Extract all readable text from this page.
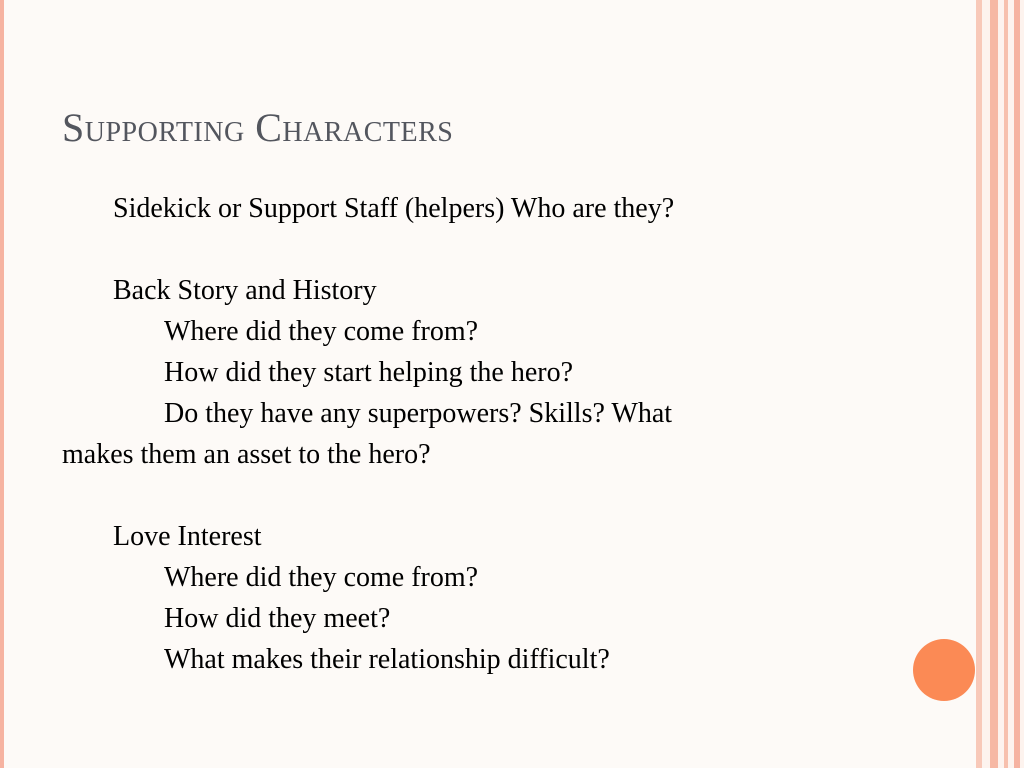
Supporting Characters
Sidekick or Support Staff (helpers) Who are they?
Back Story and History
Where did they come from?
How did they start helping the hero?
Do they have any superpowers? Skills? What
makes them an asset to the hero?
Love Interest
Where did they come from?
How did they meet?
What makes their relationship difficult?
